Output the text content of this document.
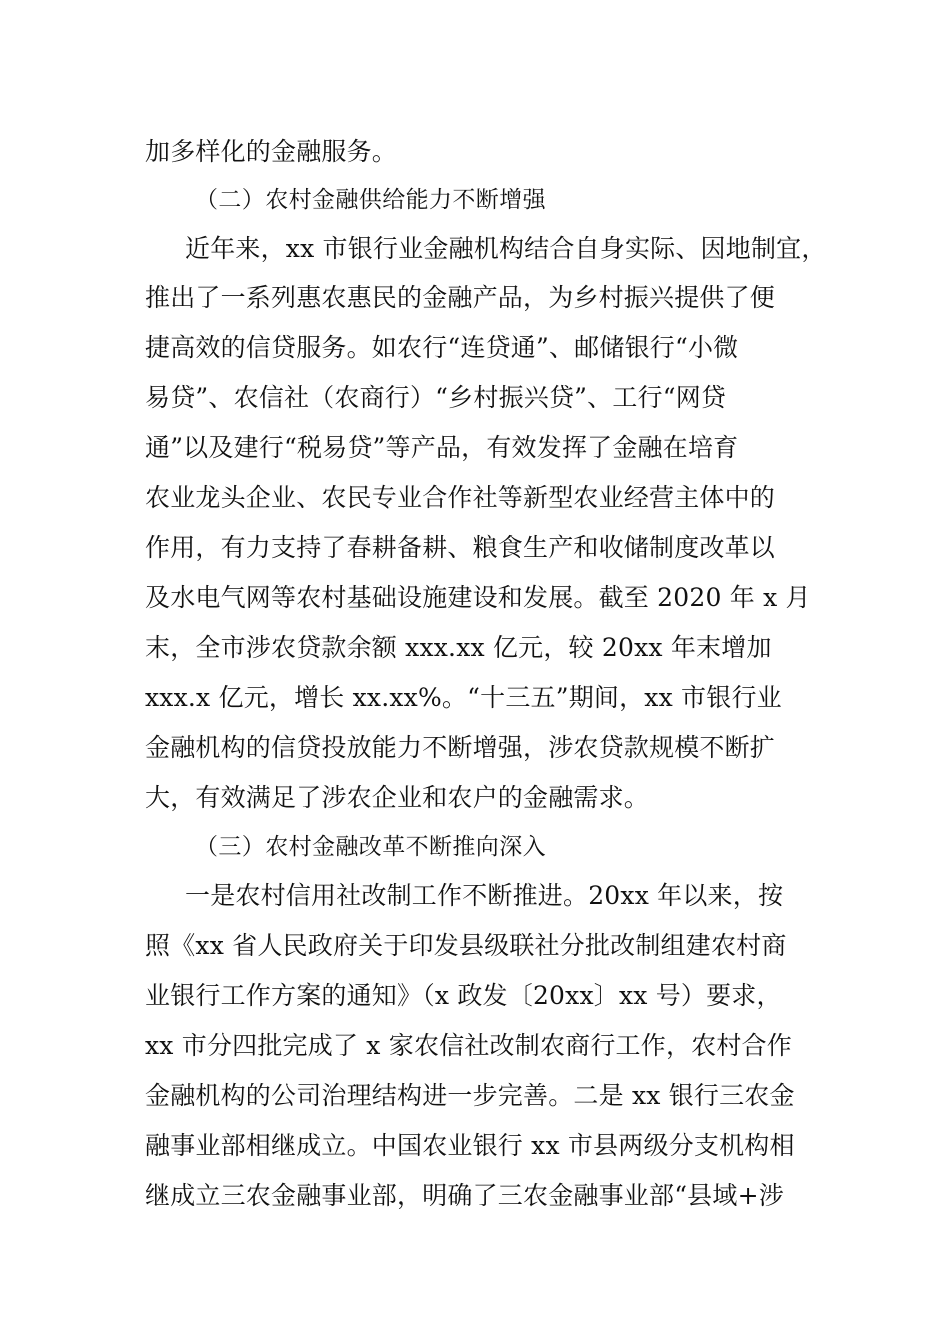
加多样化的金融服务。
（二）农村金融供给能力不断增强
近年来，xx 市银行业金融机构结合自身实际、因地制宜，
推出了一系列惠农惠民的金融产品，为乡村振兴提供了便
捷高效的信贷服务。如农行“连贷通”、邮储银行“小微
易贷”、农信社（农商行）“乡村振兴贷”、工行“网贷
通”以及建行“税易贷”等产品，有效发挥了金融在培育
农业龙头企业、农民专业合作社等新型农业经营主体中的
作用，有力支持了春耕备耕、粮食生产和收储制度改革以
及水电气网等农村基础设施建设和发展。截至 2020 年 x 月
末，全市涉农贷款余额 xxx.xx 亿元，较 20xx 年末增加
xxx.x 亿元，增长 xx.xx%。“十三五”期间，xx 市银行业
金融机构的信贷投放能力不断增强，涉农贷款规模不断扩
大，有效满足了涉农企业和农户的金融需求。
（三）农村金融改革不断推向深入
一是农村信用社改制工作不断推进。20xx 年以来，按
照《xx 省人民政府关于印发县级联社分批改制组建农村商
业银行工作方案的通知》（x 政发〔20xx〕xx 号）要求，
xx 市分四批完成了 x 家农信社改制农商行工作，农村合作
金融机构的公司治理结构进一步完善。二是 xx 银行三农金
融事业部相继成立。中国农业银行 xx 市县两级分支机构相
继成立三农金融事业部，明确了三农金融事业部“县域+涉
